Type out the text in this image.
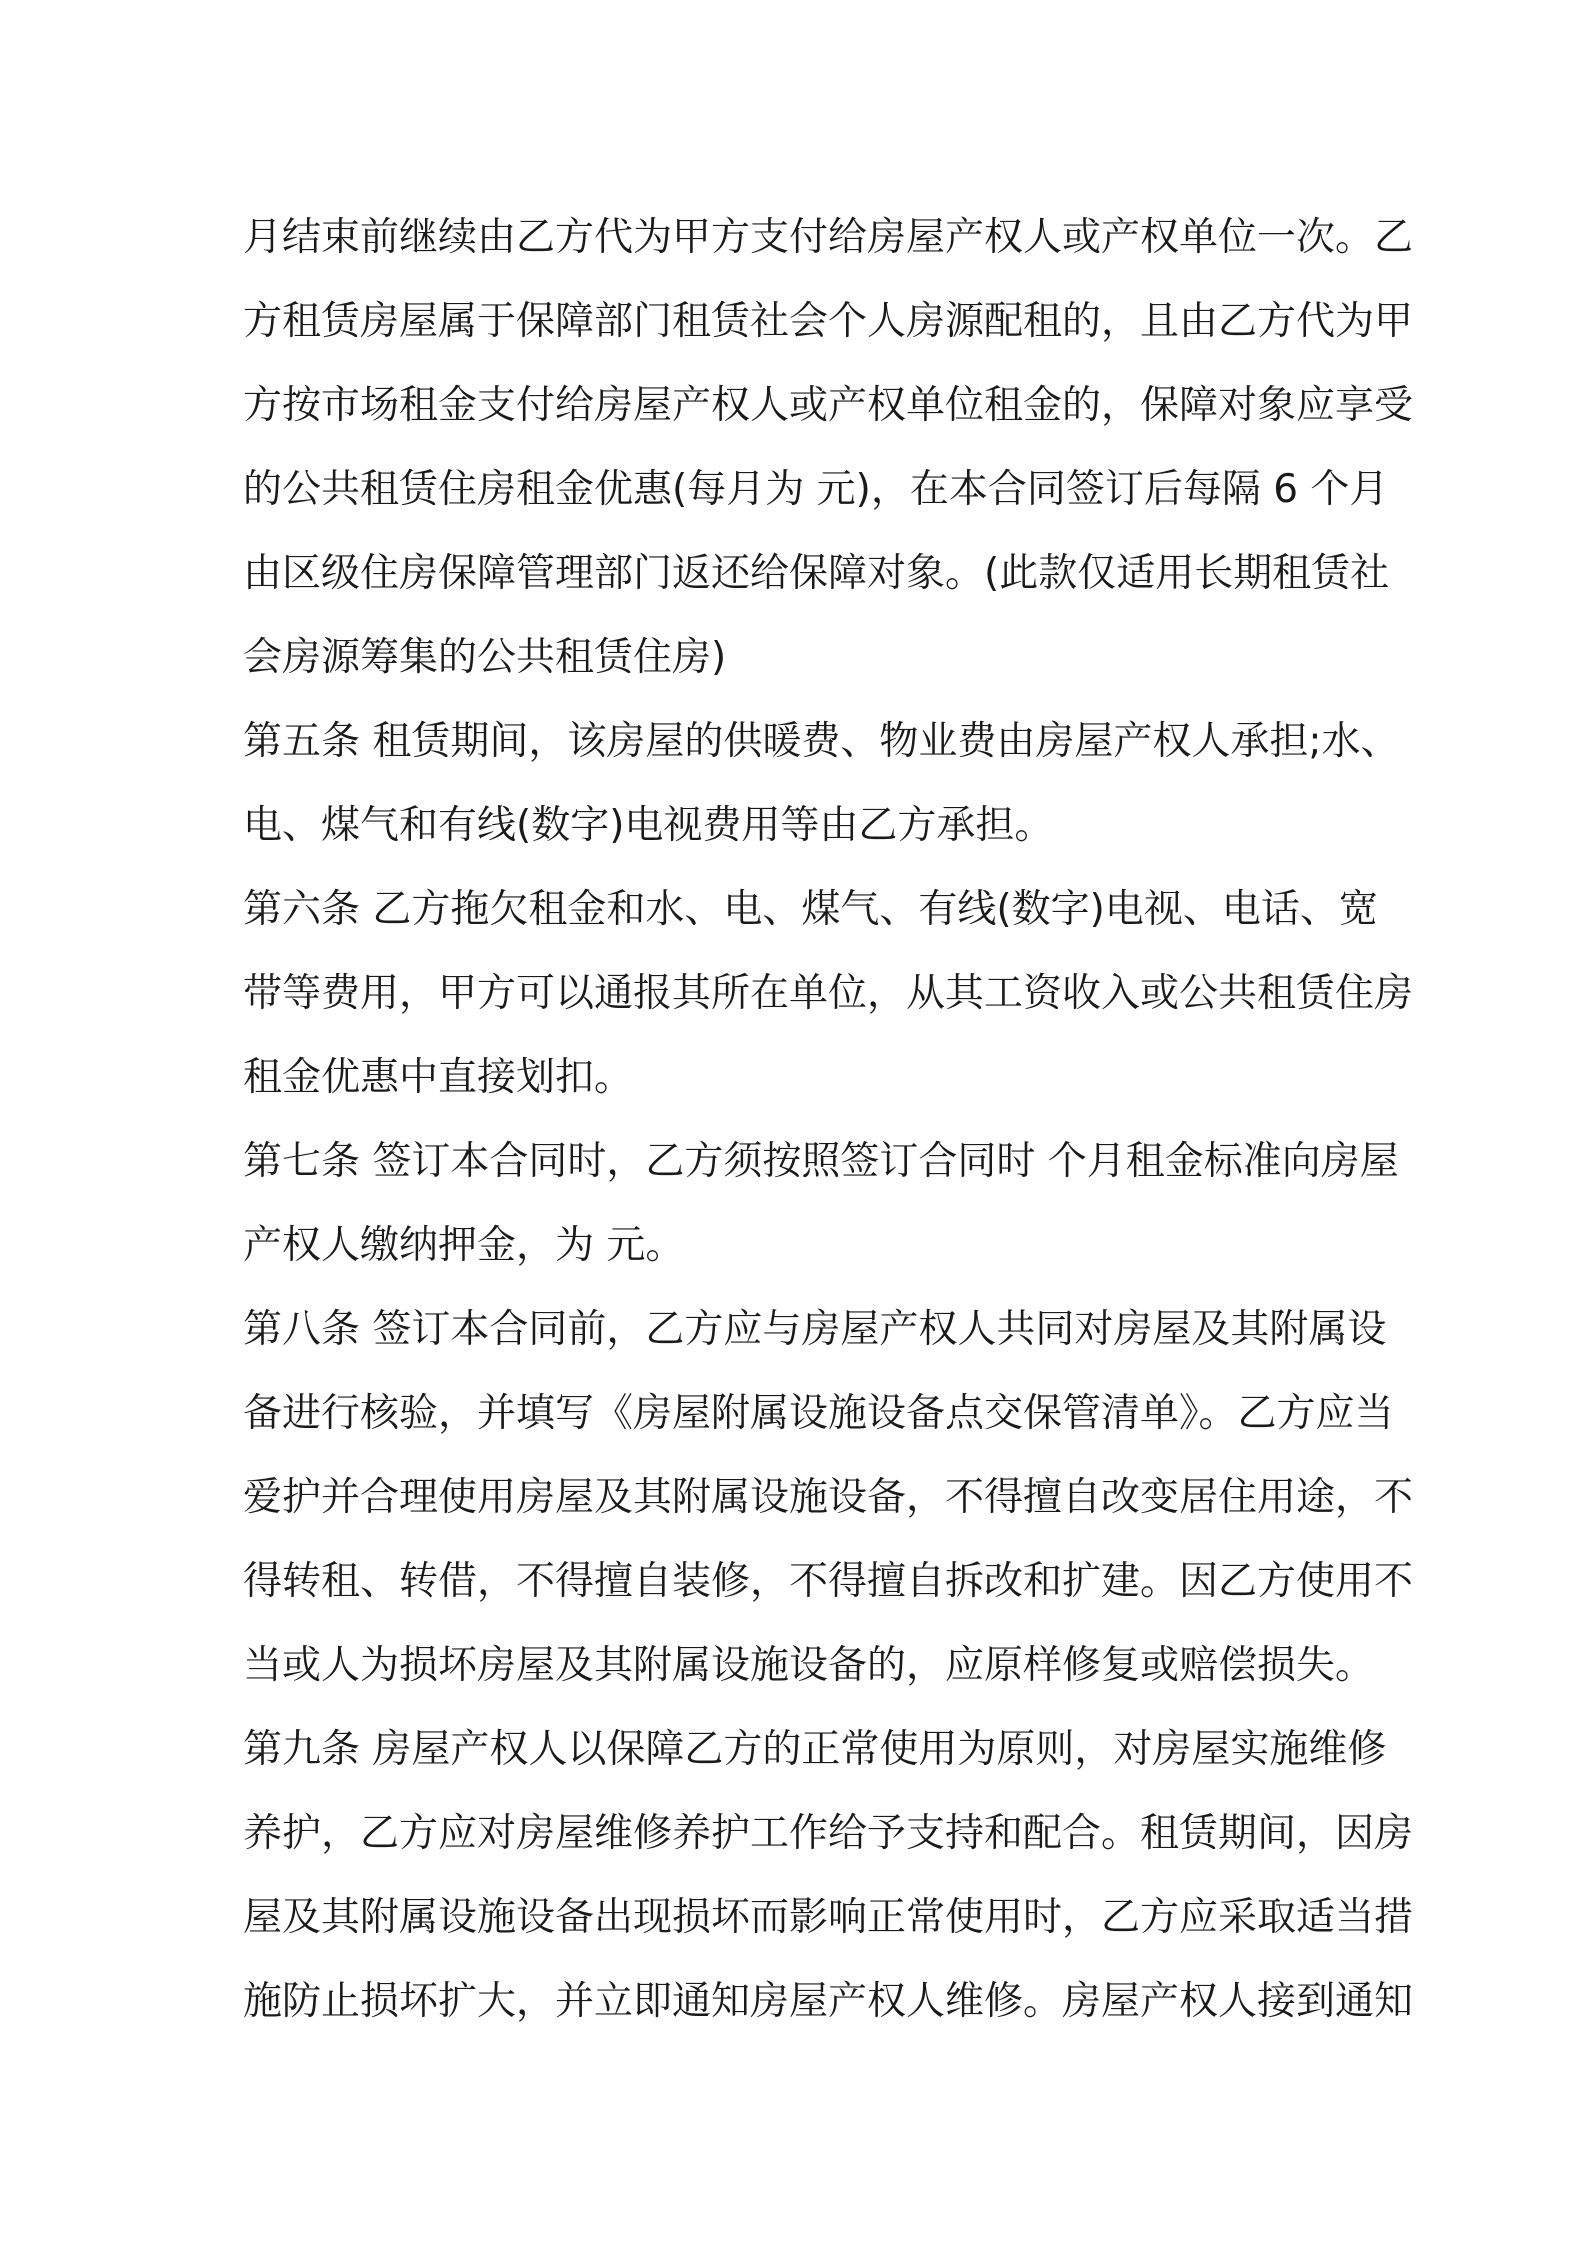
月结束前继续由乙方代为甲方支付给房屋产权人或产权单位一次。乙
方租赁房屋属于保障部门租赁社会个人房源配租的，且由乙方代为甲
方按市场租金支付给房屋产权人或产权单位租金的，保障对象应享受
的公共租赁住房租金优惠(每月为 元)，在本合同签订后每隔 6 个月
由区级住房保障管理部门返还给保障对象。(此款仅适用长期租赁社
会房源筹集的公共租赁住房)
第五条 租赁期间，该房屋的供暖费、物业费由房屋产权人承担;水、
电、煤气和有线(数字)电视费用等由乙方承担。
第六条 乙方拖欠租金和水、电、煤气、有线(数字)电视、电话、宽
带等费用，甲方可以通报其所在单位，从其工资收入或公共租赁住房
租金优惠中直接划扣。
第七条 签订本合同时，乙方须按照签订合同时 个月租金标准向房屋
产权人缴纳押金，为 元。
第八条 签订本合同前，乙方应与房屋产权人共同对房屋及其附属设
备进行核验，并填写《房屋附属设施设备点交保管清单》。乙方应当
爱护并合理使用房屋及其附属设施设备，不得擅自改变居住用途，不
得转租、转借，不得擅自装修，不得擅自拆改和扩建。因乙方使用不
当或人为损坏房屋及其附属设施设备的，应原样修复或赔偿损失。
第九条 房屋产权人以保障乙方的正常使用为原则，对房屋实施维修
养护，乙方应对房屋维修养护工作给予支持和配合。租赁期间，因房
屋及其附属设施设备出现损坏而影响正常使用时，乙方应采取适当措
施防止损坏扩大，并立即通知房屋产权人维修。房屋产权人接到通知
